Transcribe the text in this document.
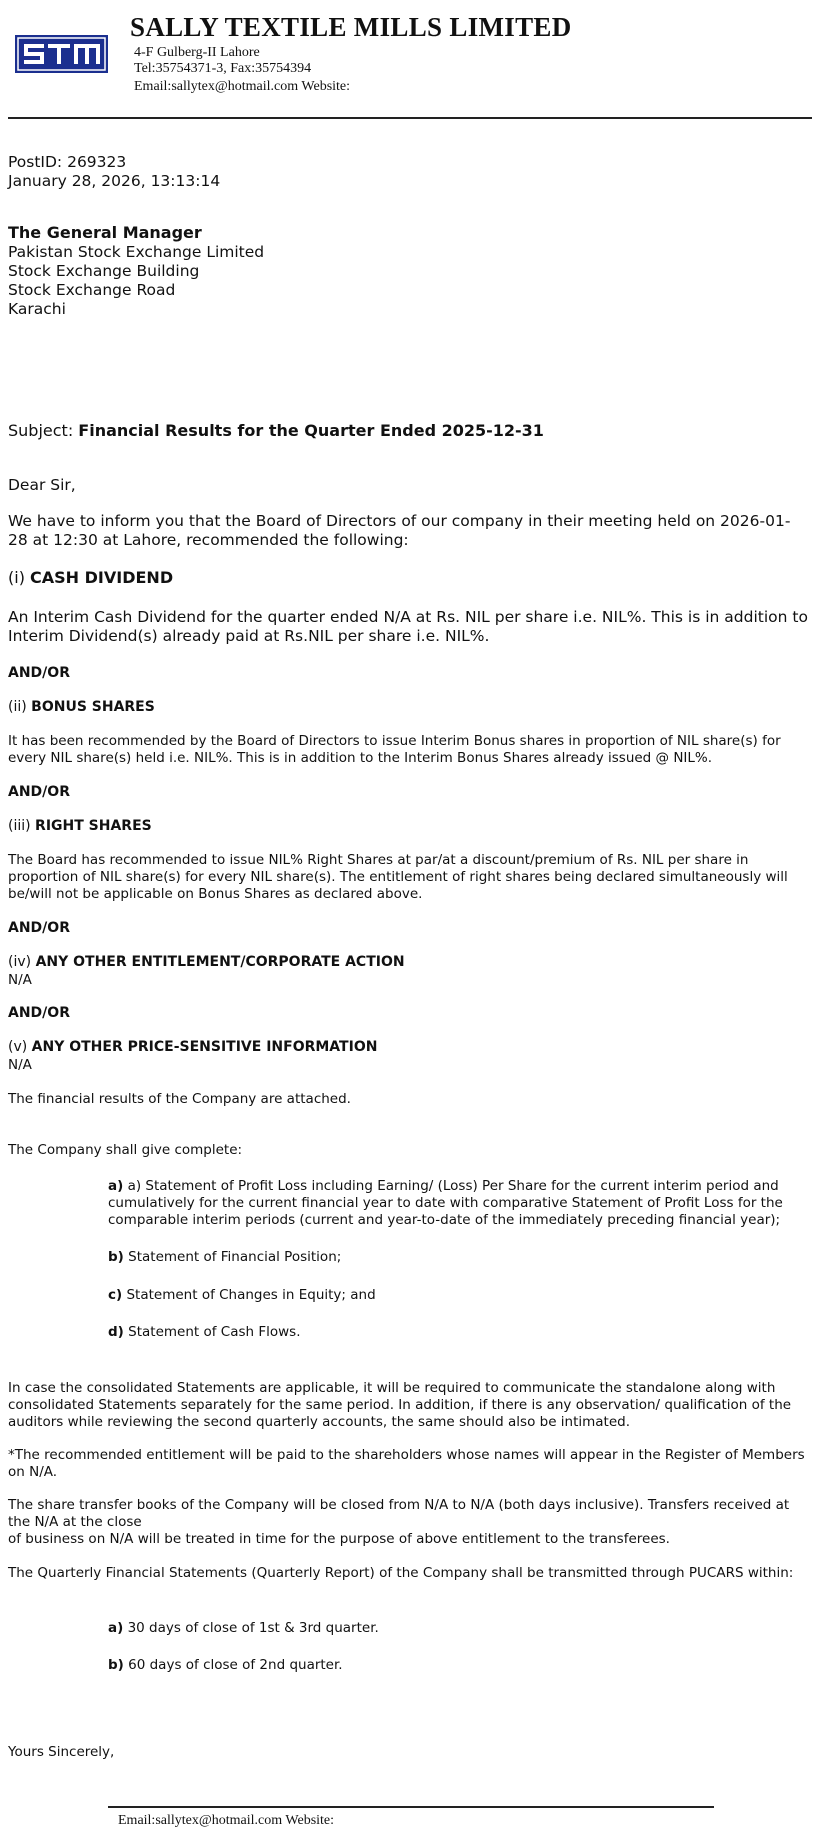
SALLY TEXTILE MILLS LIMITED
4-F Gulberg-II Lahore
Tel:35754371-3, Fax:35754394
Email:sallytex@hotmail.com Website:
PostID: 269323
January 28, 2026, 13:13:14
The General Manager
Pakistan Stock Exchange Limited
Stock Exchange Building
Stock Exchange Road
Karachi
Subject: Financial Results for the Quarter Ended 2025-12-31
Dear Sir,
We have to inform you that the Board of Directors of our company in their meeting held on 2026-01-28 at 12:30 at Lahore, recommended the following:
(i) CASH DIVIDEND
An Interim Cash Dividend for the quarter ended N/A at Rs. NIL per share i.e. NIL%. This is in addition to Interim Dividend(s) already paid at Rs.NIL per share i.e. NIL%.
AND/OR
(ii) BONUS SHARES
It has been recommended by the Board of Directors to issue Interim Bonus shares in proportion of NIL share(s) for every NIL share(s) held i.e. NIL%. This is in addition to the Interim Bonus Shares already issued @ NIL%.
AND/OR
(iii) RIGHT SHARES
The Board has recommended to issue NIL% Right Shares at par/at a discount/premium of Rs. NIL per share in proportion of NIL share(s) for every NIL share(s). The entitlement of right shares being declared simultaneously will be/will not be applicable on Bonus Shares as declared above.
AND/OR
(iv) ANY OTHER ENTITLEMENT/CORPORATE ACTION
N/A
AND/OR
(v) ANY OTHER PRICE-SENSITIVE INFORMATION
N/A
The financial results of the Company are attached.
The Company shall give complete:
a) a) Statement of Profit Loss including Earning/ (Loss) Per Share for the current interim period and cumulatively for the current financial year to date with comparative Statement of Profit Loss for the comparable interim periods (current and year-to-date of the immediately preceding financial year);
b) Statement of Financial Position;
c) Statement of Changes in Equity; and
d) Statement of Cash Flows.
In case the consolidated Statements are applicable, it will be required to communicate the standalone along with consolidated Statements separately for the same period. In addition, if there is any observation/ qualification of the auditors while reviewing the second quarterly accounts, the same should also be intimated.
*The recommended entitlement will be paid to the shareholders whose names will appear in the Register of Members on N/A.
The share transfer books of the Company will be closed from N/A to N/A (both days inclusive). Transfers received at the N/A at the close
of business on N/A will be treated in time for the purpose of above entitlement to the transferees.
The Quarterly Financial Statements (Quarterly Report) of the Company shall be transmitted through PUCARS within:
a) 30 days of close of 1st & 3rd quarter.
b) 60 days of close of 2nd quarter.
Yours Sincerely,
Email:sallytex@hotmail.com Website:
